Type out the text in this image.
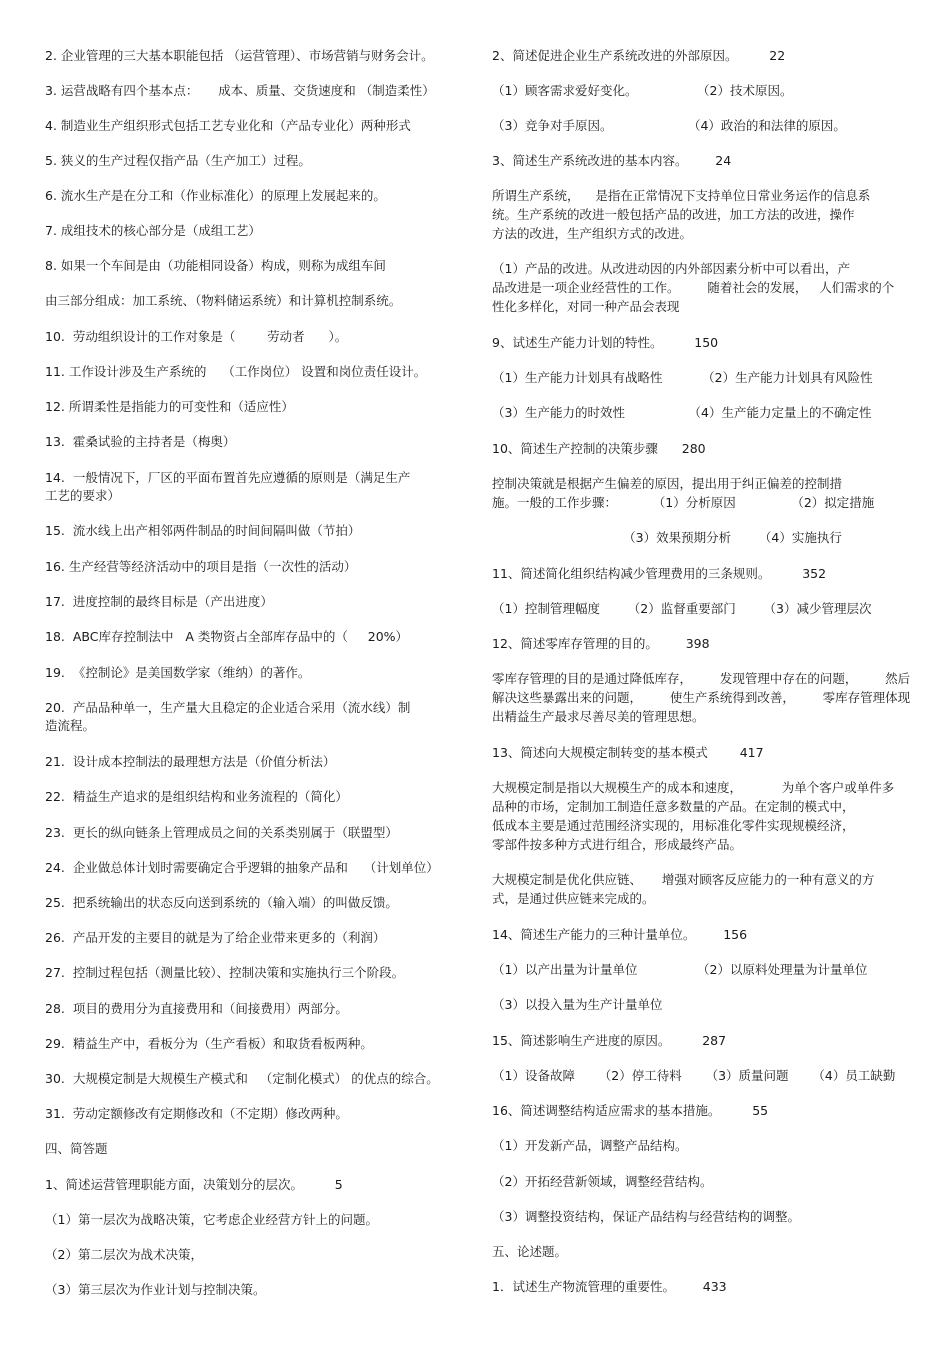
2. 企业管理的三大基本职能包括 （运营管理）、市场营销与财务会计。
3. 运营战略有四个基本点：     成本、质量、交货速度和 （制造柔性）
4. 制造业生产组织形式包括工艺专业化和（产品专业化）两种形式
5. 狭义的生产过程仅指产品（生产加工）过程。
6. 流水生产是在分工和（作业标准化）的原理上发展起来的。
7. 成组技术的核心部分是（成组工艺）
8. 如果一个车间是由（功能相同设备）构成，则称为成组车间
由三部分组成：加工系统、（物料储运系统）和计算机控制系统。
10.  劳动组织设计的工作对象是（        劳动者      ）。
11. 工作设计涉及生产系统的    （工作岗位） 设置和岗位责任设计。
12. 所谓柔性是指能力的可变性和（适应性）
13.  霍桑试验的主持者是（梅奥）
14.  一般情况下，厂区的平面布置首先应遵循的原则是（满足生产
工艺的要求）
15.  流水线上出产相邻两件制品的时间间隔叫做（节拍）
16. 生产经营等经济活动中的项目是指（一次性的活动）
17.  进度控制的最终目标是（产出进度）
18.  ABC库存控制法中   A 类物资占全部库存品中的（     20%）
19.  《控制论》是美国数学家（维纳）的著作。
20.  产品品种单一，生产量大且稳定的企业适合采用（流水线）制
造流程。
21.  设计成本控制法的最理想方法是（价值分析法）
22.  精益生产追求的是组织结构和业务流程的（简化）
23.  更长的纵向链条上管理成员之间的关系类别属于（联盟型）
24.  企业做总体计划时需要确定合乎逻辑的抽象产品和    （计划单位）
25.  把系统输出的状态反向送到系统的（输入端）的叫做反馈。
26.  产品开发的主要目的就是为了给企业带来更多的（利润）
27.  控制过程包括（测量比较）、控制决策和实施执行三个阶段。
28.  项目的费用分为直接费用和（间接费用）两部分。
29.  精益生产中，看板分为（生产看板）和取货看板两种。
30.  大规模定制是大规模生产模式和   （定制化模式） 的优点的综合。
31.  劳动定额修改有定期修改和（不定期）修改两种。
四、简答题
1、简述运营管理职能方面，决策划分的层次。        5
（1）第一层次为战略决策，它考虑企业经营方针上的问题。
（2）第二层次为战术决策，
（3）第三层次为作业计划与控制决策。
2、简述促进企业生产系统改进的外部原因。        22
（1）顾客需求爱好变化。               （2）技术原因。
（3）竞争对手原因。                   （4）政治的和法律的原因。
3、简述生产系统改进的基本内容。       24
所谓生产系统，    是指在正常情况下支持单位日常业务运作的信息系
统。生产系统的改进一般包括产品的改进，加工方法的改进，操作
方法的改进，生产组织方式的改进。
（1）产品的改进。从改进动因的内外部因素分析中可以看出，产
品改进是一项企业经营性的工作。       随着社会的发展，   人们需求的个
性化多样化，对同一种产品会表现
9、试述生产能力计划的特性。        150
（1）生产能力计划具有战略性          （2）生产能力计划具有风险性
（3）生产能力的时效性                （4）生产能力定量上的不确定性
10、简述生产控制的决策步骤      280
控制决策就是根据产生偏差的原因，提出用于纠正偏差的控制措
施。一般的工作步骤：         （1）分析原因              （2）拟定措施
（3）效果预期分析       （4）实施执行
11、简述简化组织结构减少管理费用的三条规则。        352
（1）控制管理幅度       （2）监督重要部门       （3）减少管理层次
12、简述零库存管理的目的。       398
零库存管理的目的是通过降低库存，       发现管理中存在的问题，       然后
解决这些暴露出来的问题，       使生产系统得到改善，       零库存管理体现
出精益生产最求尽善尽美的管理思想。
13、简述向大规模定制转变的基本模式        417
大规模定制是指以大规模生产的成本和速度，          为单个客户或单件多
品种的市场，定制加工制造任意多数量的产品。在定制的模式中，
低成本主要是通过范围经济实现的，用标准化零件实现规模经济，
零部件按多种方式进行组合，形成最终产品。
大规模定制是优化供应链、     增强对顾客反应能力的一种有意义的方
式，是通过供应链来完成的。
14、简述生产能力的三种计量单位。       156
（1）以产出量为计量单位               （2）以原料处理量为计量单位
（3）以投入量为生产计量单位
15、简述影响生产进度的原因。        287
（1）设备故障      （2）停工待料      （3）质量问题      （4）员工缺勤
16、简述调整结构适应需求的基本措施。        55
（1）开发新产品，调整产品结构。
（2）开拓经营新领域，调整经营结构。
（3）调整投资结构，保证产品结构与经营结构的调整。
五、论述题。
1．试述生产物流管理的重要性。       433
